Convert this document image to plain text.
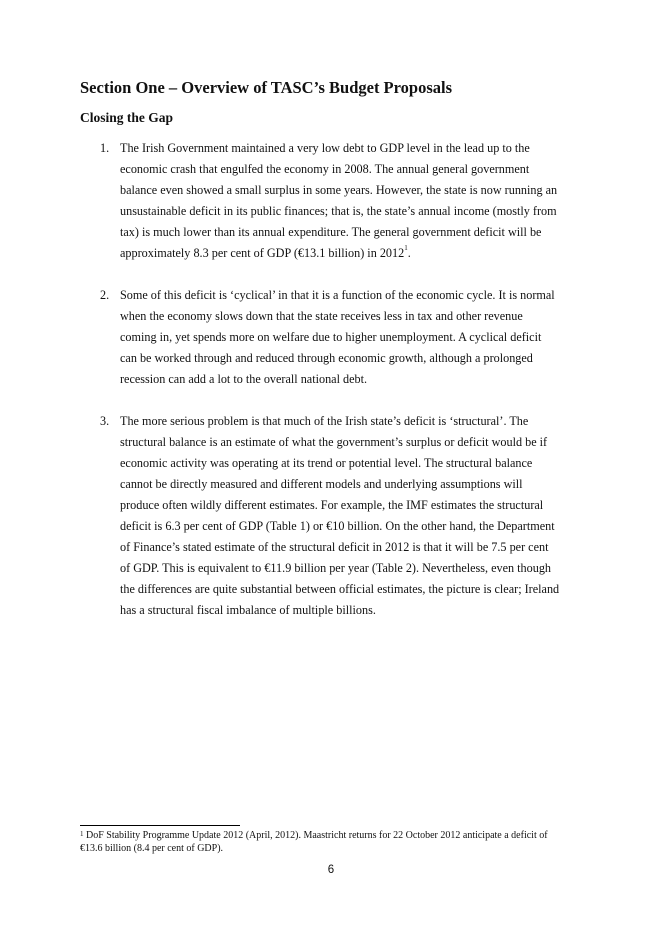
Section One – Overview of TASC’s Budget Proposals
Closing the Gap
1. The Irish Government maintained a very low debt to GDP level in the lead up to the
economic crash that engulfed the economy in 2008. The annual general government
balance even showed a small surplus in some years. However, the state is now running an
unsustainable deficit in its public finances; that is, the state’s annual income (mostly from
tax) is much lower than its annual expenditure. The general government deficit will be
approximately 8.3 per cent of GDP (€13.1 billion) in 2012$^1$.
2. Some of this deficit is ‘cyclical’ in that it is a function of the economic cycle. It is normal
when the economy slows down that the state receives less in tax and other revenue
coming in, yet spends more on welfare due to higher unemployment. A cyclical deficit
can be worked through and reduced through economic growth, although a prolonged
recession can add a lot to the overall national debt.
3. The more serious problem is that much of the Irish state’s deficit is ‘structural’. The
structural balance is an estimate of what the government’s surplus or deficit would be if
economic activity was operating at its trend or potential level. The structural balance
cannot be directly measured and different models and underlying assumptions will
produce often wildly different estimates. For example, the IMF estimates the structural
deficit is 6.3 per cent of GDP (Table 1) or €10 billion. On the other hand, the Department
of Finance’s stated estimate of the structural deficit in 2012 is that it will be 7.5 per cent
of GDP. This is equivalent to €11.9 billion per year (Table 2). Nevertheless, even though
the differences are quite substantial between official estimates, the picture is clear; Ireland
has a structural fiscal imbalance of multiple billions.
$^1$ DoF Stability Programme Update 2012 (April, 2012). Maastricht returns for 22 October 2012 anticipate a deficit of
€13.6 billion (8.4 per cent of GDP).
6
